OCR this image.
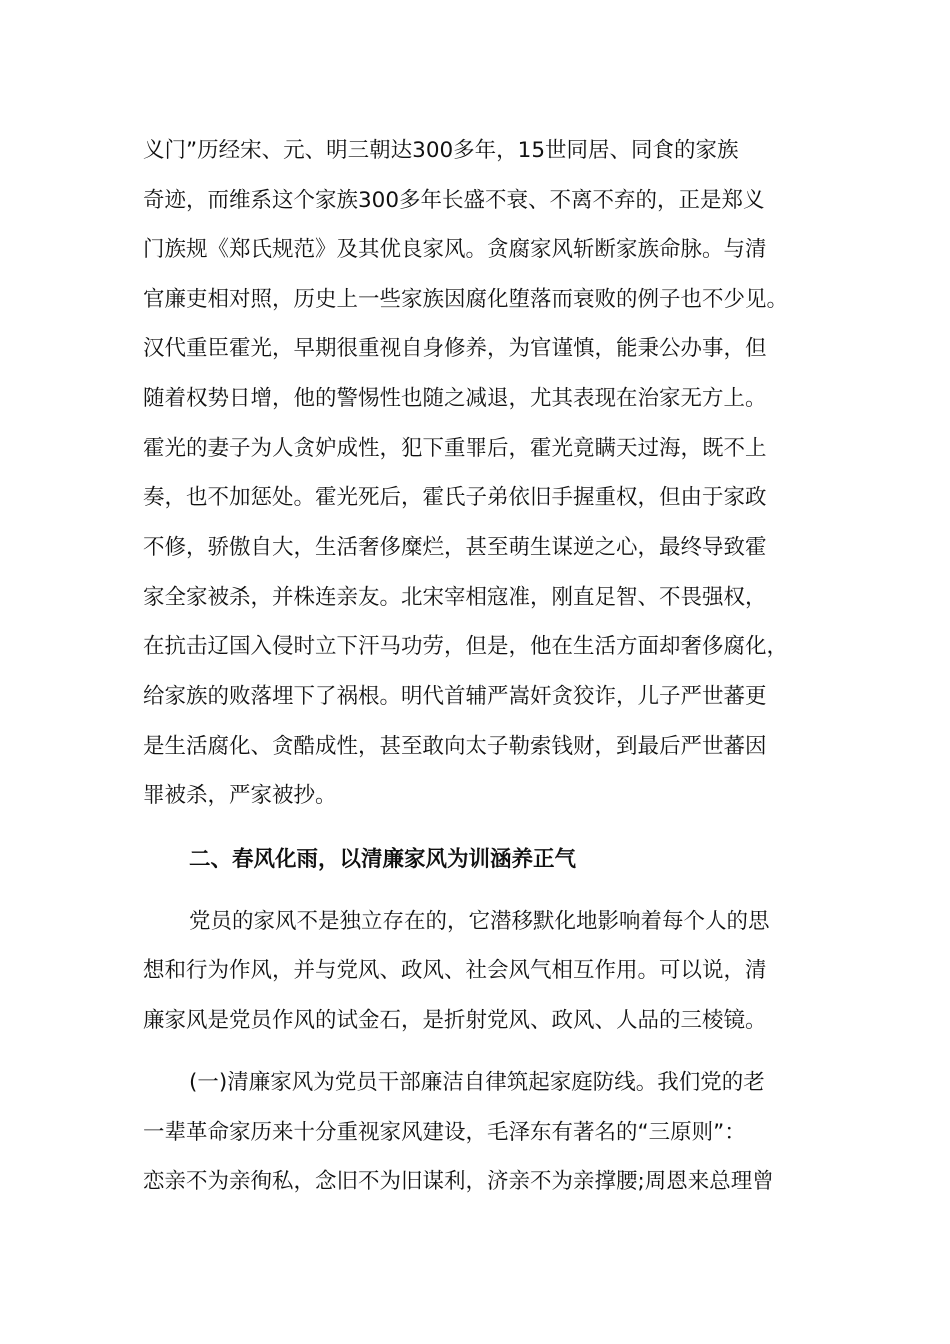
义门”历经宋、元、明三朝达300多年，15世同居、同食的家族
奇迹，而维系这个家族300多年长盛不衰、不离不弃的，正是郑义
门族规《郑氏规范》及其优良家风。贪腐家风斩断家族命脉。与清
官廉吏相对照，历史上一些家族因腐化堕落而衰败的例子也不少见。
汉代重臣霍光，早期很重视自身修养，为官谨慎，能秉公办事，但
随着权势日增，他的警惕性也随之减退，尤其表现在治家无方上。
霍光的妻子为人贪妒成性，犯下重罪后，霍光竟瞒天过海，既不上
奏，也不加惩处。霍光死后，霍氏子弟依旧手握重权，但由于家政
不修，骄傲自大，生活奢侈糜烂，甚至萌生谋逆之心，最终导致霍
家全家被杀，并株连亲友。北宋宰相寇准，刚直足智、不畏强权，
在抗击辽国入侵时立下汗马功劳，但是，他在生活方面却奢侈腐化，
给家族的败落埋下了祸根。明代首辅严嵩奸贪狡诈，儿子严世蕃更
是生活腐化、贪酷成性，甚至敢向太子勒索钱财，到最后严世蕃因
罪被杀，严家被抄。
二、春风化雨，以清廉家风为训涵养正气
党员的家风不是独立存在的，它潜移默化地影响着每个人的思
想和行为作风，并与党风、政风、社会风气相互作用。可以说，清
廉家风是党员作风的试金石，是折射党风、政风、人品的三棱镜。
(一)清廉家风为党员干部廉洁自律筑起家庭防线。我们党的老
一辈革命家历来十分重视家风建设，毛泽东有著名的“三原则”：
恋亲不为亲徇私，念旧不为旧谋利，济亲不为亲撑腰;周恩来总理曾
